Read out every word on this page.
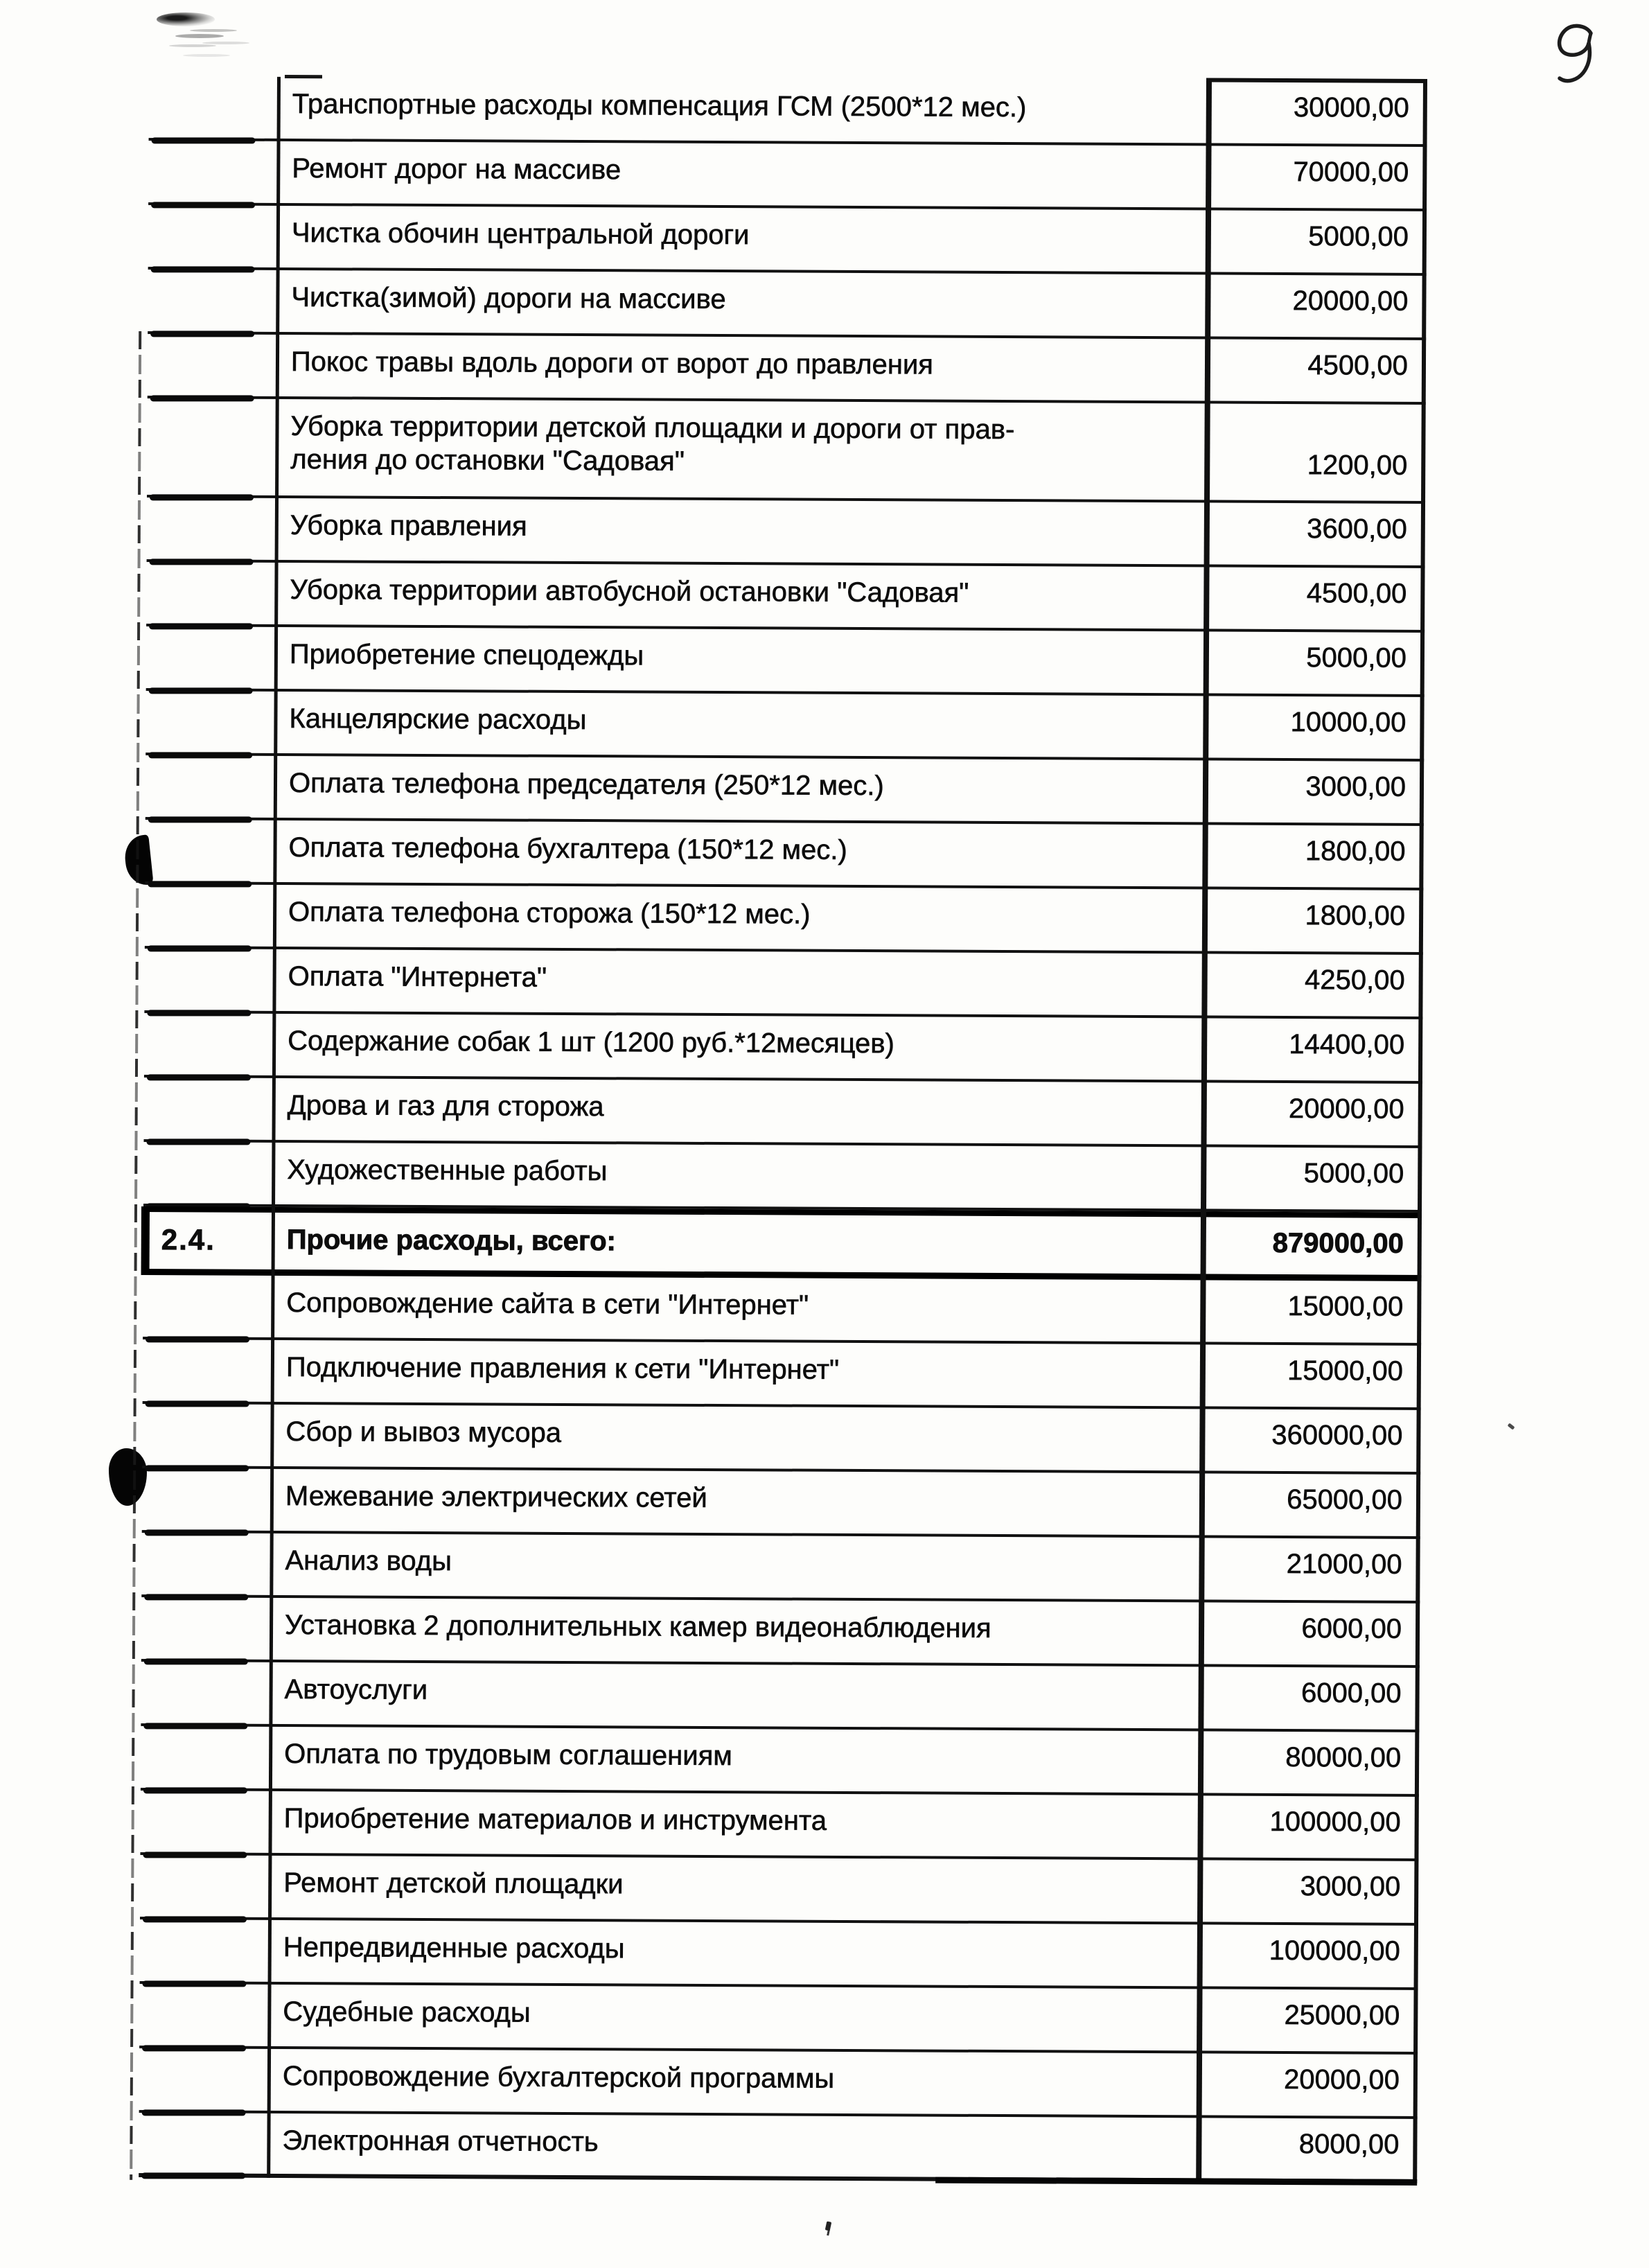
Транспортные расходы компенсация ГСМ (2500*12 мес.)	30000,00
Ремонт дорог на массиве	70000,00
Чистка обочин центральной дороги	5000,00
Чистка(зимой) дороги на массиве	20000,00
Покос травы вдоль дороги от ворот до правления	4500,00
Уборка территории детской площадки и дороги от прав-
ления до остановки "Садовая"	1200,00
Уборка правления	3600,00
Уборка территории автобусной остановки "Садовая"	4500,00
Приобретение спецодежды	5000,00
Канцелярские расходы	10000,00
Оплата телефона председателя (250*12 мес.)	3000,00
Оплата телефона бухгалтера (150*12 мес.)	1800,00
Оплата телефона сторожа (150*12 мес.)	1800,00
Оплата "Интернета"	4250,00
Содержание собак 1 шт (1200 руб.*12месяцев)	14400,00
Дрова и газ для сторожа	20000,00
Художественные работы	5000,00
2.4.	Прочие расходы, всего:	879000,00
Сопровождение сайта в сети "Интернет"	15000,00
Подключение правления к сети "Интернет"	15000,00
Сбор и вывоз мусора	360000,00
Межевание электрических сетей	65000,00
Анализ воды	21000,00
Установка 2 дополнительных камер видеонаблюдения	6000,00
Автоуслуги	6000,00
Оплата по трудовым соглашениям	80000,00
Приобретение материалов и инструмента	100000,00
Ремонт детской площадки	3000,00
Непредвиденные расходы	100000,00
Судебные расходы	25000,00
Сопровождение бухгалтерской программы	20000,00
Электронная отчетность	8000,00
